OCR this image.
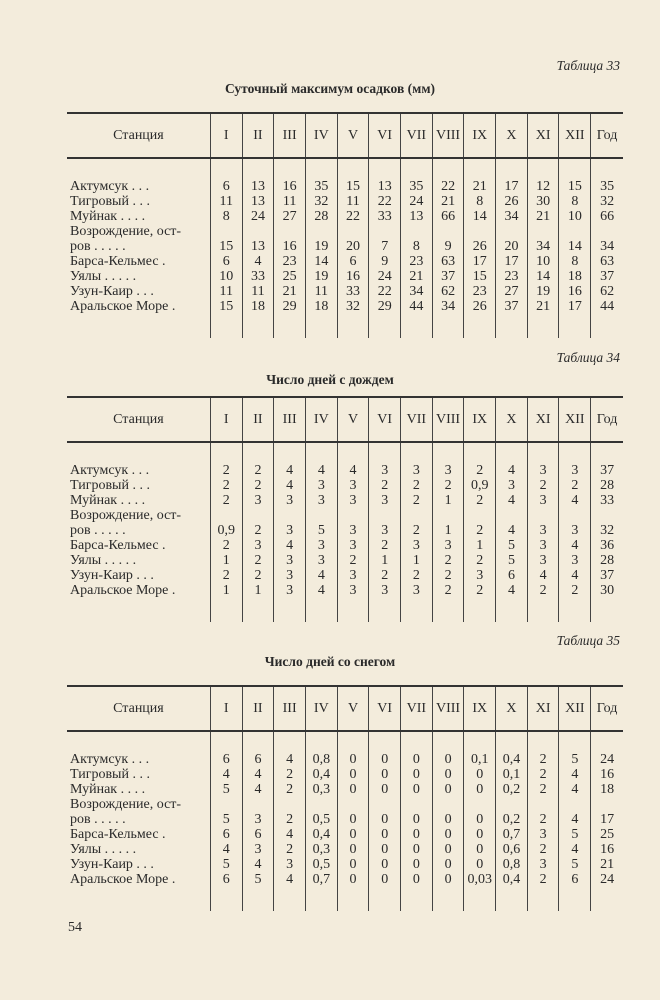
Таблица 33
Суточный максимум осадков (мм)
Станция	I	II	III	IV	V	VI	VII	VIII	IX	X	XI	XII	Год

Актумсук . . .	6	13	16	35	15	13	35	22	21	17	12	15	35
Тигровый . . .	11	13	11	32	11	22	24	21	8	26	30	8	32
Муйнак . . . .	8	24	27	28	22	33	13	66	14	34	21	10	66
Возрождение, ост-													
ров . . . . .	15	13	16	19	20	7	8	9	26	20	34	14	34
Барса-Кельмес .	6	4	23	14	6	9	23	63	17	17	10	8	63
Уялы . . . . .	10	33	25	19	16	24	21	37	15	23	14	18	37
Узун-Каир . . .	11	11	21	11	33	22	34	62	23	27	19	16	62
Аральское Море .	15	18	29	18	32	29	44	34	26	37	21	17	44

Таблица 34
Число дней с дождем
Станция	I	II	III	IV	V	VI	VII	VIII	IX	X	XI	XII	Год

Актумсук . . .	2	2	4	4	4	3	3	3	2	4	3	3	37
Тигровый . . .	2	2	4	3	3	2	2	2	0,9	3	2	2	28
Муйнак . . . .	2	3	3	3	3	3	2	1	2	4	3	4	33
Возрождение, ост-													
ров . . . . .	0,9	2	3	5	3	3	2	1	2	4	3	3	32
Барса-Кельмес .	2	3	4	3	3	2	3	3	1	5	3	4	36
Уялы . . . . .	1	2	3	3	2	1	1	2	2	5	3	3	28
Узун-Каир . . .	2	2	3	4	3	2	2	2	3	6	4	4	37
Аральское Море .	1	1	3	4	3	3	3	2	2	4	2	2	30

Таблица 35
Число дней со снегом
Станция	I	II	III	IV	V	VI	VII	VIII	IX	X	XI	XII	Год

Актумсук . . .	6	6	4	0,8	0	0	0	0	0,1	0,4	2	5	24
Тигровый . . .	4	4	2	0,4	0	0	0	0	0	0,1	2	4	16
Муйнак . . . .	5	4	2	0,3	0	0	0	0	0	0,2	2	4	18
Возрождение, ост-													
ров . . . . .	5	3	2	0,5	0	0	0	0	0	0,2	2	4	17
Барса-Кельмес .	6	6	4	0,4	0	0	0	0	0	0,7	3	5	25
Уялы . . . . .	4	3	2	0,3	0	0	0	0	0	0,6	2	4	16
Узун-Каир . . .	5	4	3	0,5	0	0	0	0	0	0,8	3	5	21
Аральское Море .	6	5	4	0,7	0	0	0	0	0,03	0,4	2	6	24

54
